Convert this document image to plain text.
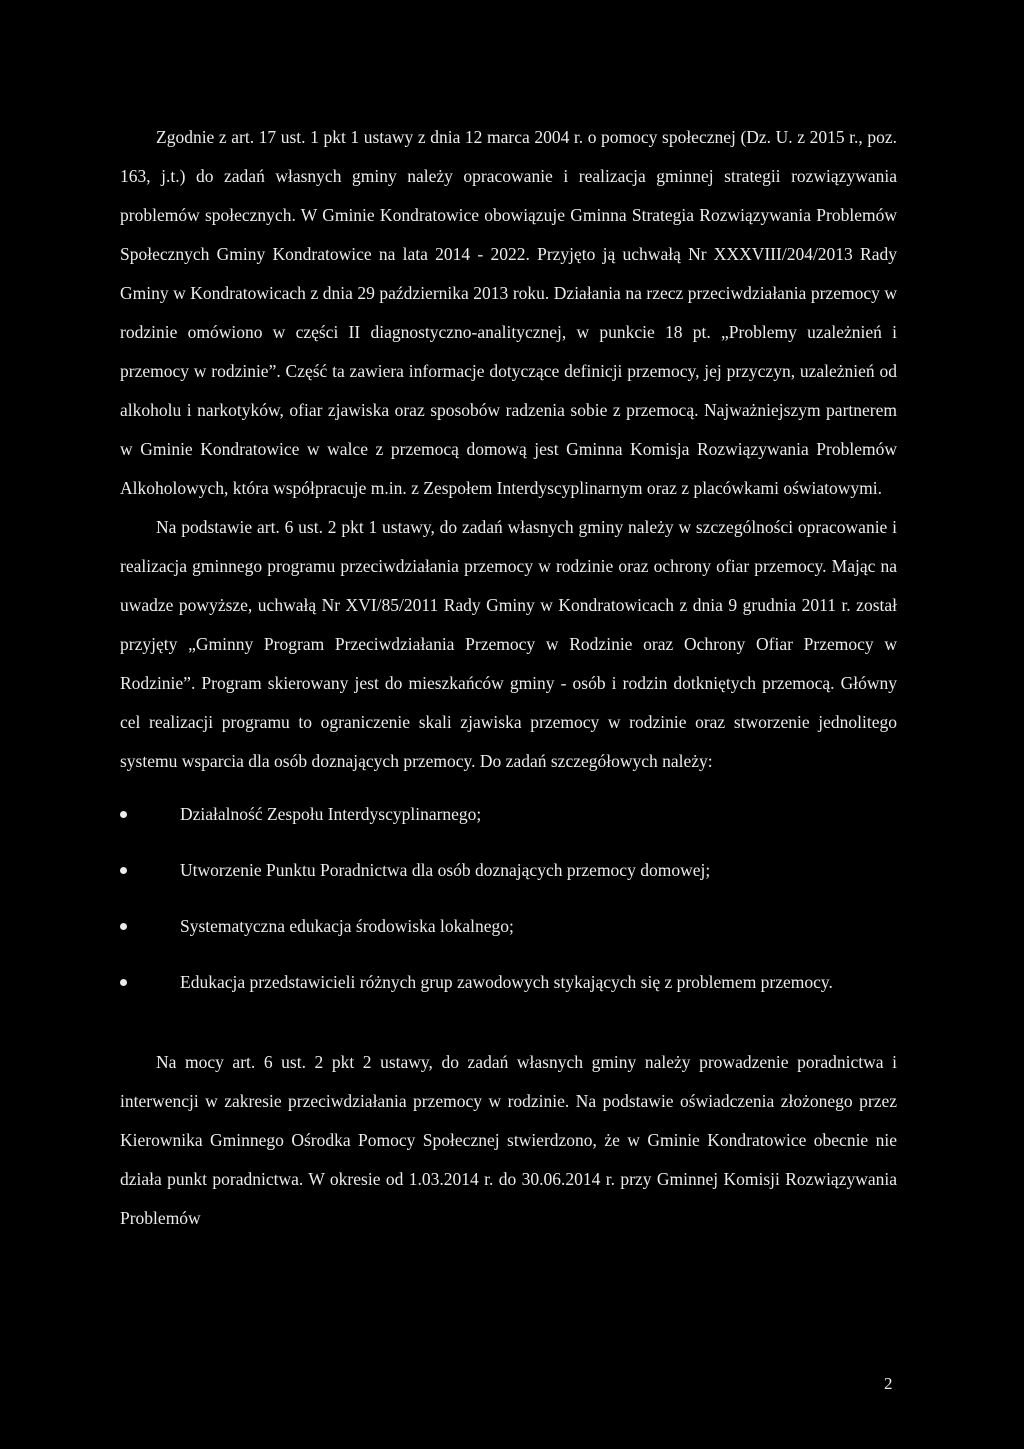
Zgodnie z art. 17 ust. 1 pkt 1 ustawy z dnia 12 marca 2004 r. o pomocy społecznej (Dz. U. z 2015 r., poz. 163, j.t.) do zadań własnych gminy należy opracowanie i realizacja gminnej strategii rozwiązywania problemów społecznych. W Gminie Kondratowice obowiązuje Gminna Strategia Rozwiązywania Problemów Społecznych Gminy Kondratowice na lata 2014 - 2022. Przyjęto ją uchwałą Nr XXXVIII/204/2013 Rady Gminy w Kondratowicach z dnia 29 października 2013 roku. Działania na rzecz przeciwdziałania przemocy w rodzinie omówiono w części II diagnostyczno-analitycznej, w punkcie 18 pt. „Problemy uzależnień i przemocy w rodzinie”. Część ta zawiera informacje dotyczące definicji przemocy, jej przyczyn, uzależnień od alkoholu i narkotyków, ofiar zjawiska oraz sposobów radzenia sobie z przemocą. Najważniejszym partnerem w Gminie Kondratowice w walce z przemocą domową jest Gminna Komisja Rozwiązywania Problemów Alkoholowych, która współpracuje m.in. z Zespołem Interdyscyplinarnym oraz z placówkami oświatowymi.

Na podstawie art. 6 ust. 2 pkt 1 ustawy, do zadań własnych gminy należy w szczególności opracowanie i realizacja gminnego programu przeciwdziałania przemocy w rodzinie oraz ochrony ofiar przemocy. Mając na uwadze powyższe, uchwałą Nr XVI/85/2011 Rady Gminy w Kondratowicach z dnia 9 grudnia 2011 r. został przyjęty „Gminny Program Przeciwdziałania Przemocy w Rodzinie oraz Ochrony Ofiar Przemocy w Rodzinie”. Program skierowany jest do mieszkańców gminy - osób i rodzin dotkniętych przemocą. Główny cel realizacji programu to ograniczenie skali zjawiska przemocy w rodzinie oraz stworzenie jednolitego systemu wsparcia dla osób doznających przemocy. Do zadań szczegółowych należy:

Działalność Zespołu Interdyscyplinarnego;
Utworzenie Punktu Poradnictwa dla osób doznających przemocy domowej;
Systematyczna edukacja środowiska lokalnego;
Edukacja przedstawicieli różnych grup zawodowych stykających się z problemem przemocy.

Na mocy art. 6 ust. 2 pkt 2 ustawy, do zadań własnych gminy należy prowadzenie poradnictwa i interwencji w zakresie przeciwdziałania przemocy w rodzinie. Na podstawie oświadczenia złożonego przez Kierownika Gminnego Ośrodka Pomocy Społecznej stwierdzono, że w Gminie Kondratowice obecnie nie działa punkt poradnictwa. W okresie od 1.03.2014 r. do 30.06.2014 r. przy Gminnej Komisji Rozwiązywania Problemów

2
